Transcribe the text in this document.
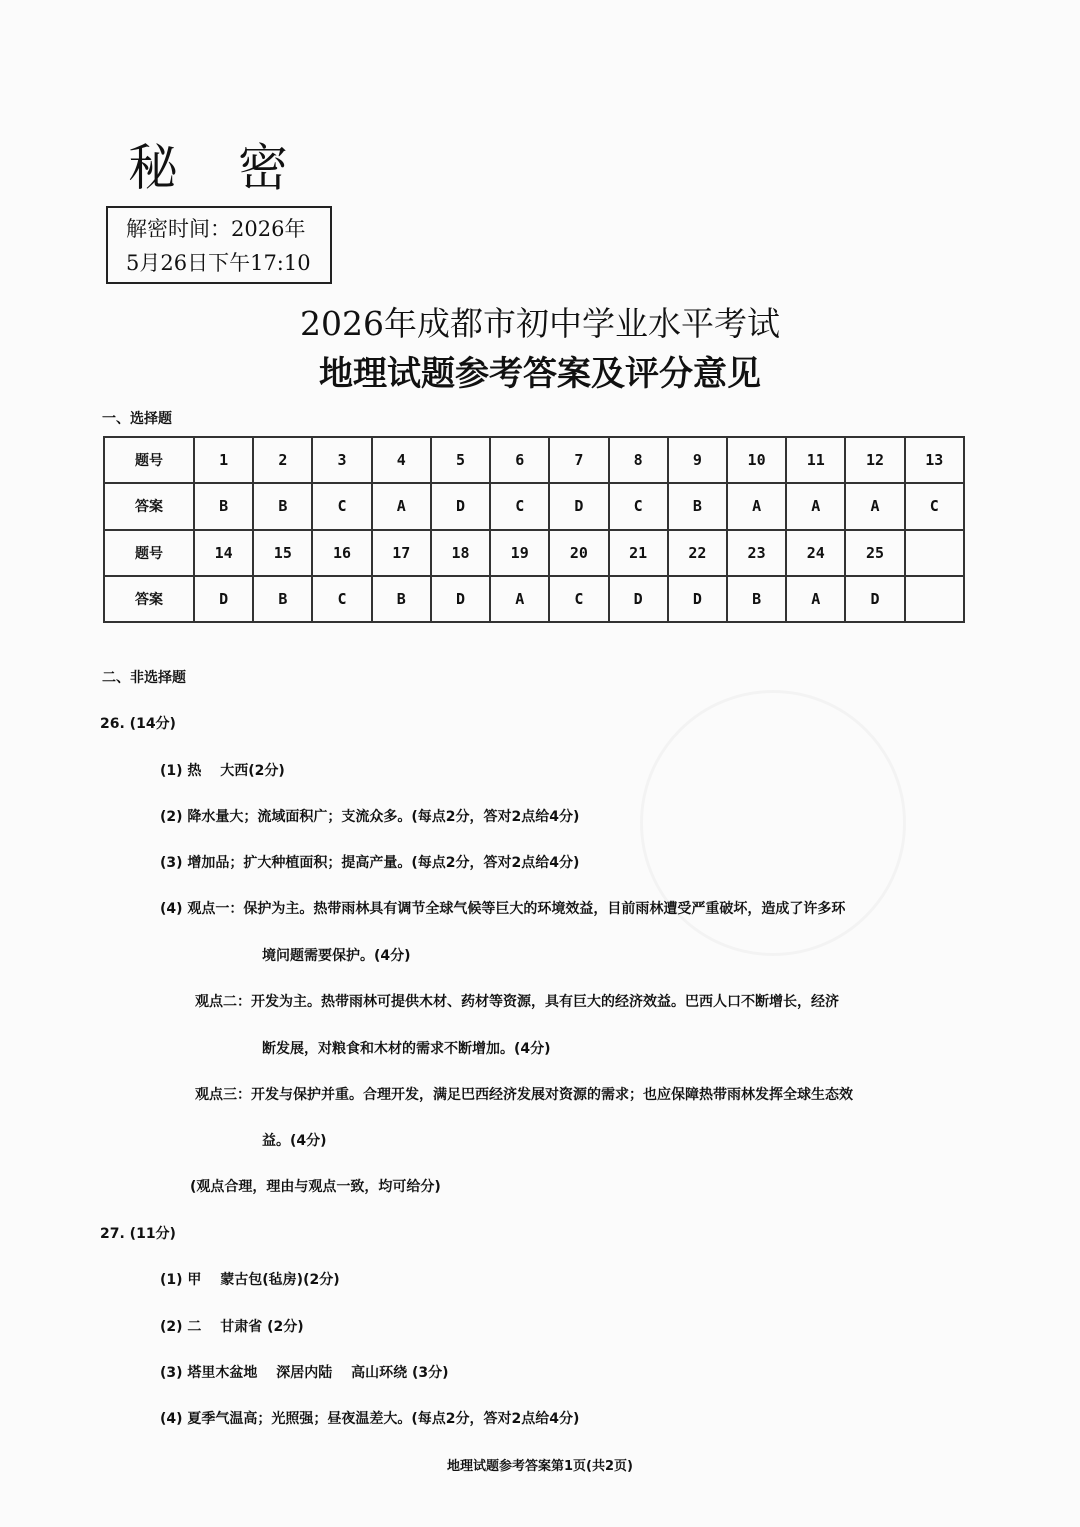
秘密
解密时间：2026年
5月26日下午17:10
2026年成都市初中学业水平考试
地理试题参考答案及评分意见
一、选择题
题号	1	2	3	4	5	6	7	8	9	10	11	12	13
答案	B	B	C	A	D	C	D	C	B	A	A	A	C
题号	14	15	16	17	18	19	20	21	22	23	24	25	
答案	D	B	C	B	D	A	C	D	D	B	A	D	
二、非选择题
26. (14分)
(1) 热　 大西(2分)
(2) 降水量大；流域面积广；支流众多。(每点2分，答对2点给4分)
(3) 增加品；扩大种植面积；提高产量。(每点2分，答对2点给4分)
(4) 观点一：保护为主。热带雨林具有调节全球气候等巨大的环境效益，目前雨林遭受严重破坏，造成了许多环
境问题需要保护。(4分)
观点二：开发为主。热带雨林可提供木材、药材等资源，具有巨大的经济效益。巴西人口不断增长，经济
断发展，对粮食和木材的需求不断增加。(4分)
观点三：开发与保护并重。合理开发，满足巴西经济发展对资源的需求；也应保障热带雨林发挥全球生态效
益。(4分)
(观点合理，理由与观点一致，均可给分)
27. (11分)
(1) 甲　 蒙古包(毡房)(2分)
(2) 二　 甘肃省 (2分)
(3) 塔里木盆地　 深居内陆　 高山环绕 (3分)
(4) 夏季气温高；光照强；昼夜温差大。(每点2分，答对2点给4分)
地理试题参考答案第1页(共2页)
